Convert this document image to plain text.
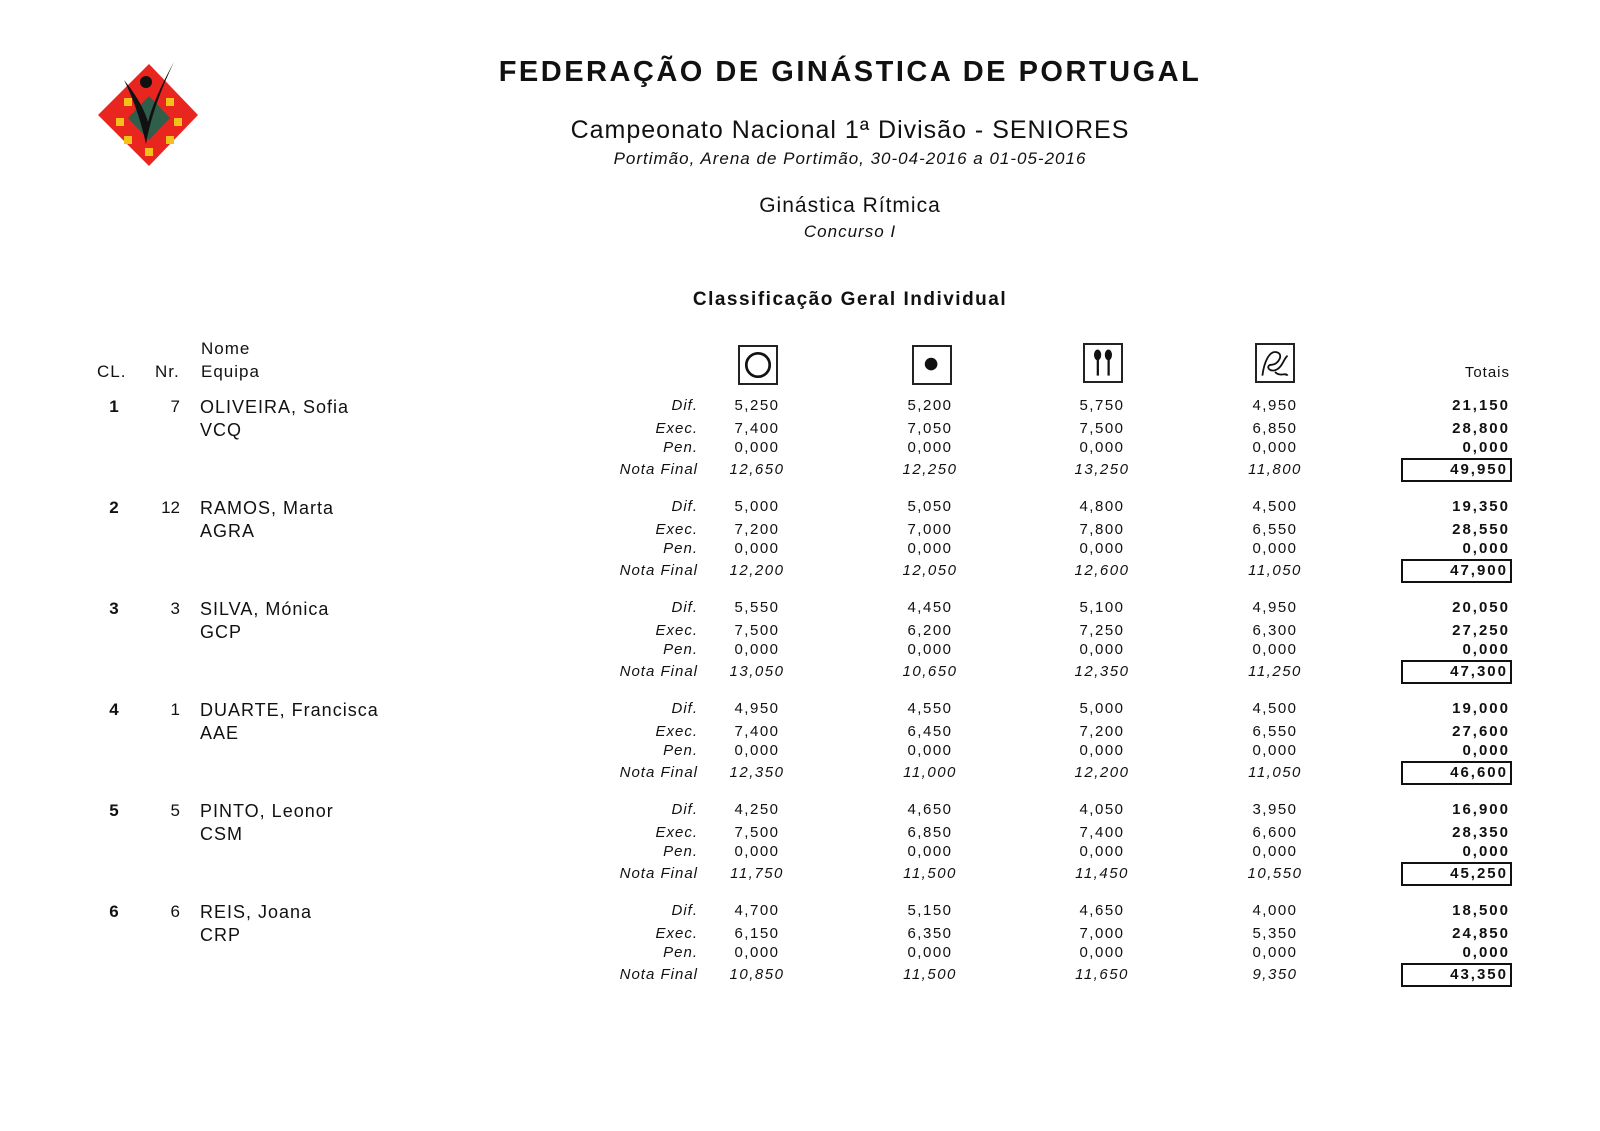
FEDERAÇÃO DE GINÁSTICA DE PORTUGAL
Campeonato Nacional 1ª Divisão - SENIORES
Portimão, Arena de Portimão, 30-04-2016 a 01-05-2016
Ginástica Rítmica
Concurso I
Classificação Geral Individual
CL. Nr.
Nome
Equipa	Totais
1	7 OLIVEIRA, Sofia
VCQ
Dif.	5,250	5,200	5,750	4,950	21,150
Exec.	7,400	7,050	7,500	6,850	28,800
Pen.	0,000	0,000	0,000	0,000	0,000
Nota Final	12,650	12,250	13,250	11,800	49,950
2	12 RAMOS, Marta
AGRA
Dif.	5,000	5,050	4,800	4,500	19,350
Exec.	7,200	7,000	7,800	6,550	28,550
Pen.	0,000	0,000	0,000	0,000	0,000
Nota Final	12,200	12,050	12,600	11,050	47,900
3	3 SILVA, Mónica
GCP
Dif.	5,550	4,450	5,100	4,950	20,050
Exec.	7,500	6,200	7,250	6,300	27,250
Pen.	0,000	0,000	0,000	0,000	0,000
Nota Final	13,050	10,650	12,350	11,250	47,300
4	1 DUARTE, Francisca
AAE
Dif.	4,950	4,550	5,000	4,500	19,000
Exec.	7,400	6,450	7,200	6,550	27,600
Pen.	0,000	0,000	0,000	0,000	0,000
Nota Final	12,350	11,000	12,200	11,050	46,600
5	5 PINTO, Leonor
CSM
Dif.	4,250	4,650	4,050	3,950	16,900
Exec.	7,500	6,850	7,400	6,600	28,350
Pen.	0,000	0,000	0,000	0,000	0,000
Nota Final	11,750	11,500	11,450	10,550	45,250
6	6 REIS, Joana
CRP
Dif.	4,700	5,150	4,650	4,000	18,500
Exec.	6,150	6,350	7,000	5,350	24,850
Pen.	0,000	0,000	0,000	0,000	0,000
Nota Final	10,850	11,500	11,650	9,350	43,350
